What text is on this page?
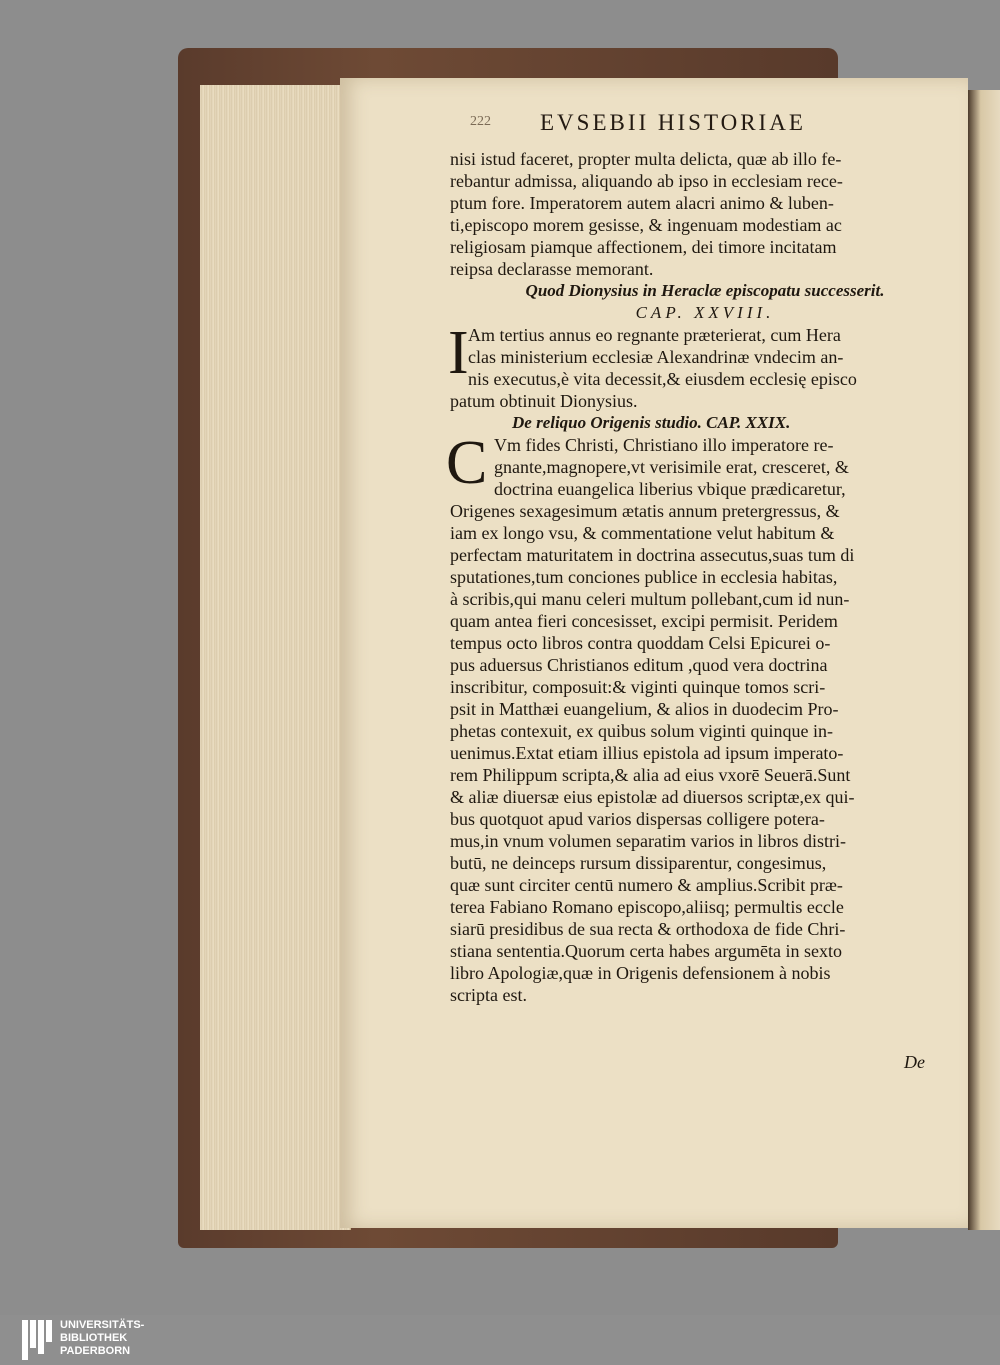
222 EVSEBII HISTORIAE
nisi istud faceret, propter multa delicta, quæ ab illo fe-
rebantur admissa, aliquando ab ipso in ecclesiam rece-
ptum fore. Imperatorem autem alacri animo & luben-
ti,episcopo morem gesisse, & ingenuam modestiam ac
religiosam piamque affectionem, dei timore incitatam
reipsa declarasse memorant.
Quod Dionysius in Heraclæ episcopatu successerit.
CAP. XXVIII.
I Am tertius annus eo regnante præterierat, cum Hera
clas ministerium ecclesiæ Alexandrinæ vndecim an-
nis executus,è vita decessit,& eiusdem ecclesię episco
patum obtinuit Dionysius.
De reliquo Origenis studio. CAP. XXIX.
C Vm fides Christi, Christiano illo imperatore re-
gnante,magnopere,vt verisimile erat, cresceret, &
doctrina euangelica liberius vbique prædicaretur,
Origenes sexagesimum ætatis annum pretergressus, &
iam ex longo vsu, & commentatione velut habitum &
perfectam maturitatem in doctrina assecutus,suas tum di
sputationes,tum conciones publice in ecclesia habitas,
à scribis,qui manu celeri multum pollebant,cum id nun-
quam antea fieri concesisset, excipi permisit. Peridem
tempus octo libros contra quoddam Celsi Epicurei o-
pus aduersus Christianos editum ,quod vera doctrina
inscribitur, composuit:& viginti quinque tomos scri-
psit in Matthæi euangelium, & alios in duodecim Pro-
phetas contexuit, ex quibus solum viginti quinque in-
uenimus.Extat etiam illius epistola ad ipsum imperato-
rem Philippum scripta,& alia ad eius vxorē Seuerā.Sunt
& aliæ diuersæ eius epistolæ ad diuersos scriptæ,ex qui-
bus quotquot apud varios dispersas colligere potera-
mus,in vnum volumen separatim varios in libros distri-
butū, ne deinceps rursum dissiparentur, congesimus,
quæ sunt circiter centū numero & amplius.Scribit præ-
terea Fabiano Romano episcopo,aliisq; permultis eccle
siarū presidibus de sua recta & orthodoxa de fide Chri-
stiana sententia.Quorum certa habes argumēta in sexto
libro Apologiæ,quæ in Origenis defensionem à nobis
scripta est.
De
UNIVERSITÄTS-
BIBLIOTHEK
PADERBORN
